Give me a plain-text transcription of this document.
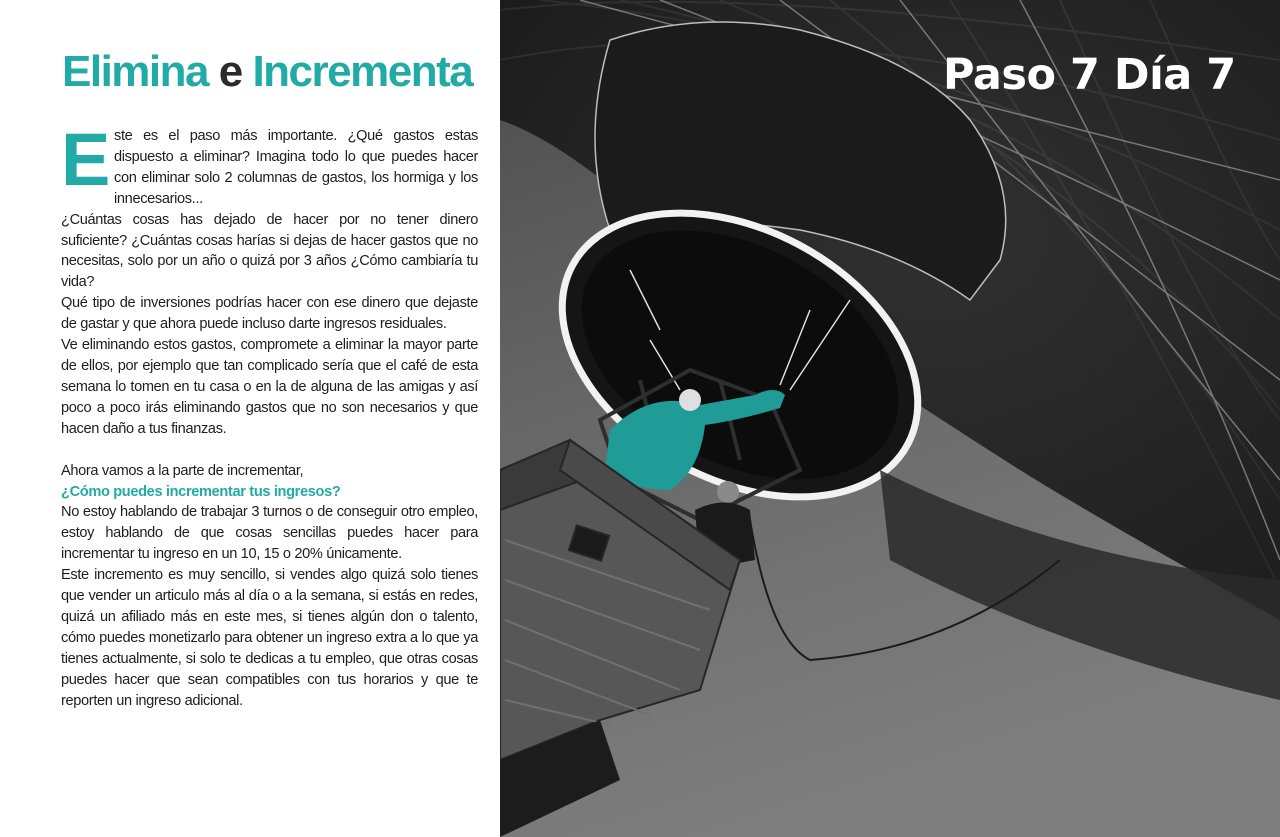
Elimina e Incrementa

Este es el paso más importante. ¿Qué gastos estas dispuesto a eliminar? Imagina todo lo que puedes hacer con eliminar solo 2 columnas de gastos, los hormiga y los innecesarios...

¿Cuántas cosas has dejado de hacer por no tener dinero suficiente? ¿Cuántas cosas harías si dejas de hacer gastos que no necesitas, solo por un año o quizá por 3 años ¿Cómo cambiaría tu vida?

Qué tipo de inversiones podrías hacer con ese dinero que dejaste de gastar y que ahora puede incluso darte ingresos residuales.

Ve eliminando estos gastos, compromete a eliminar la mayor parte de ellos, por ejemplo que tan complicado sería que el café de esta semana lo tomen en tu casa o en la de alguna de las amigas y así poco a poco irás eliminando gastos que no son necesarios y que hacen daño a tus finanzas.

Ahora vamos a la parte de incrementar,

¿Cómo puedes incrementar tus ingresos?

No estoy hablando de trabajar 3 turnos o de conseguir otro empleo, estoy hablando de que cosas sencillas puedes hacer para incrementar tu ingreso en un 10, 15 o 20% únicamente.

Este incremento es muy sencillo, si vendes algo quizá solo tienes que vender un articulo más al día o a la semana, si estás en redes, quizá un afiliado más en este mes, si tienes algún don o talento, cómo puedes monetizarlo para obtener un ingreso extra a lo que ya tienes actualmente, si solo te dedicas a tu empleo, que otras cosas puedes hacer que sean compatibles con tus horarios y que te reporten un ingreso adicional.

Paso 7 Día 7
